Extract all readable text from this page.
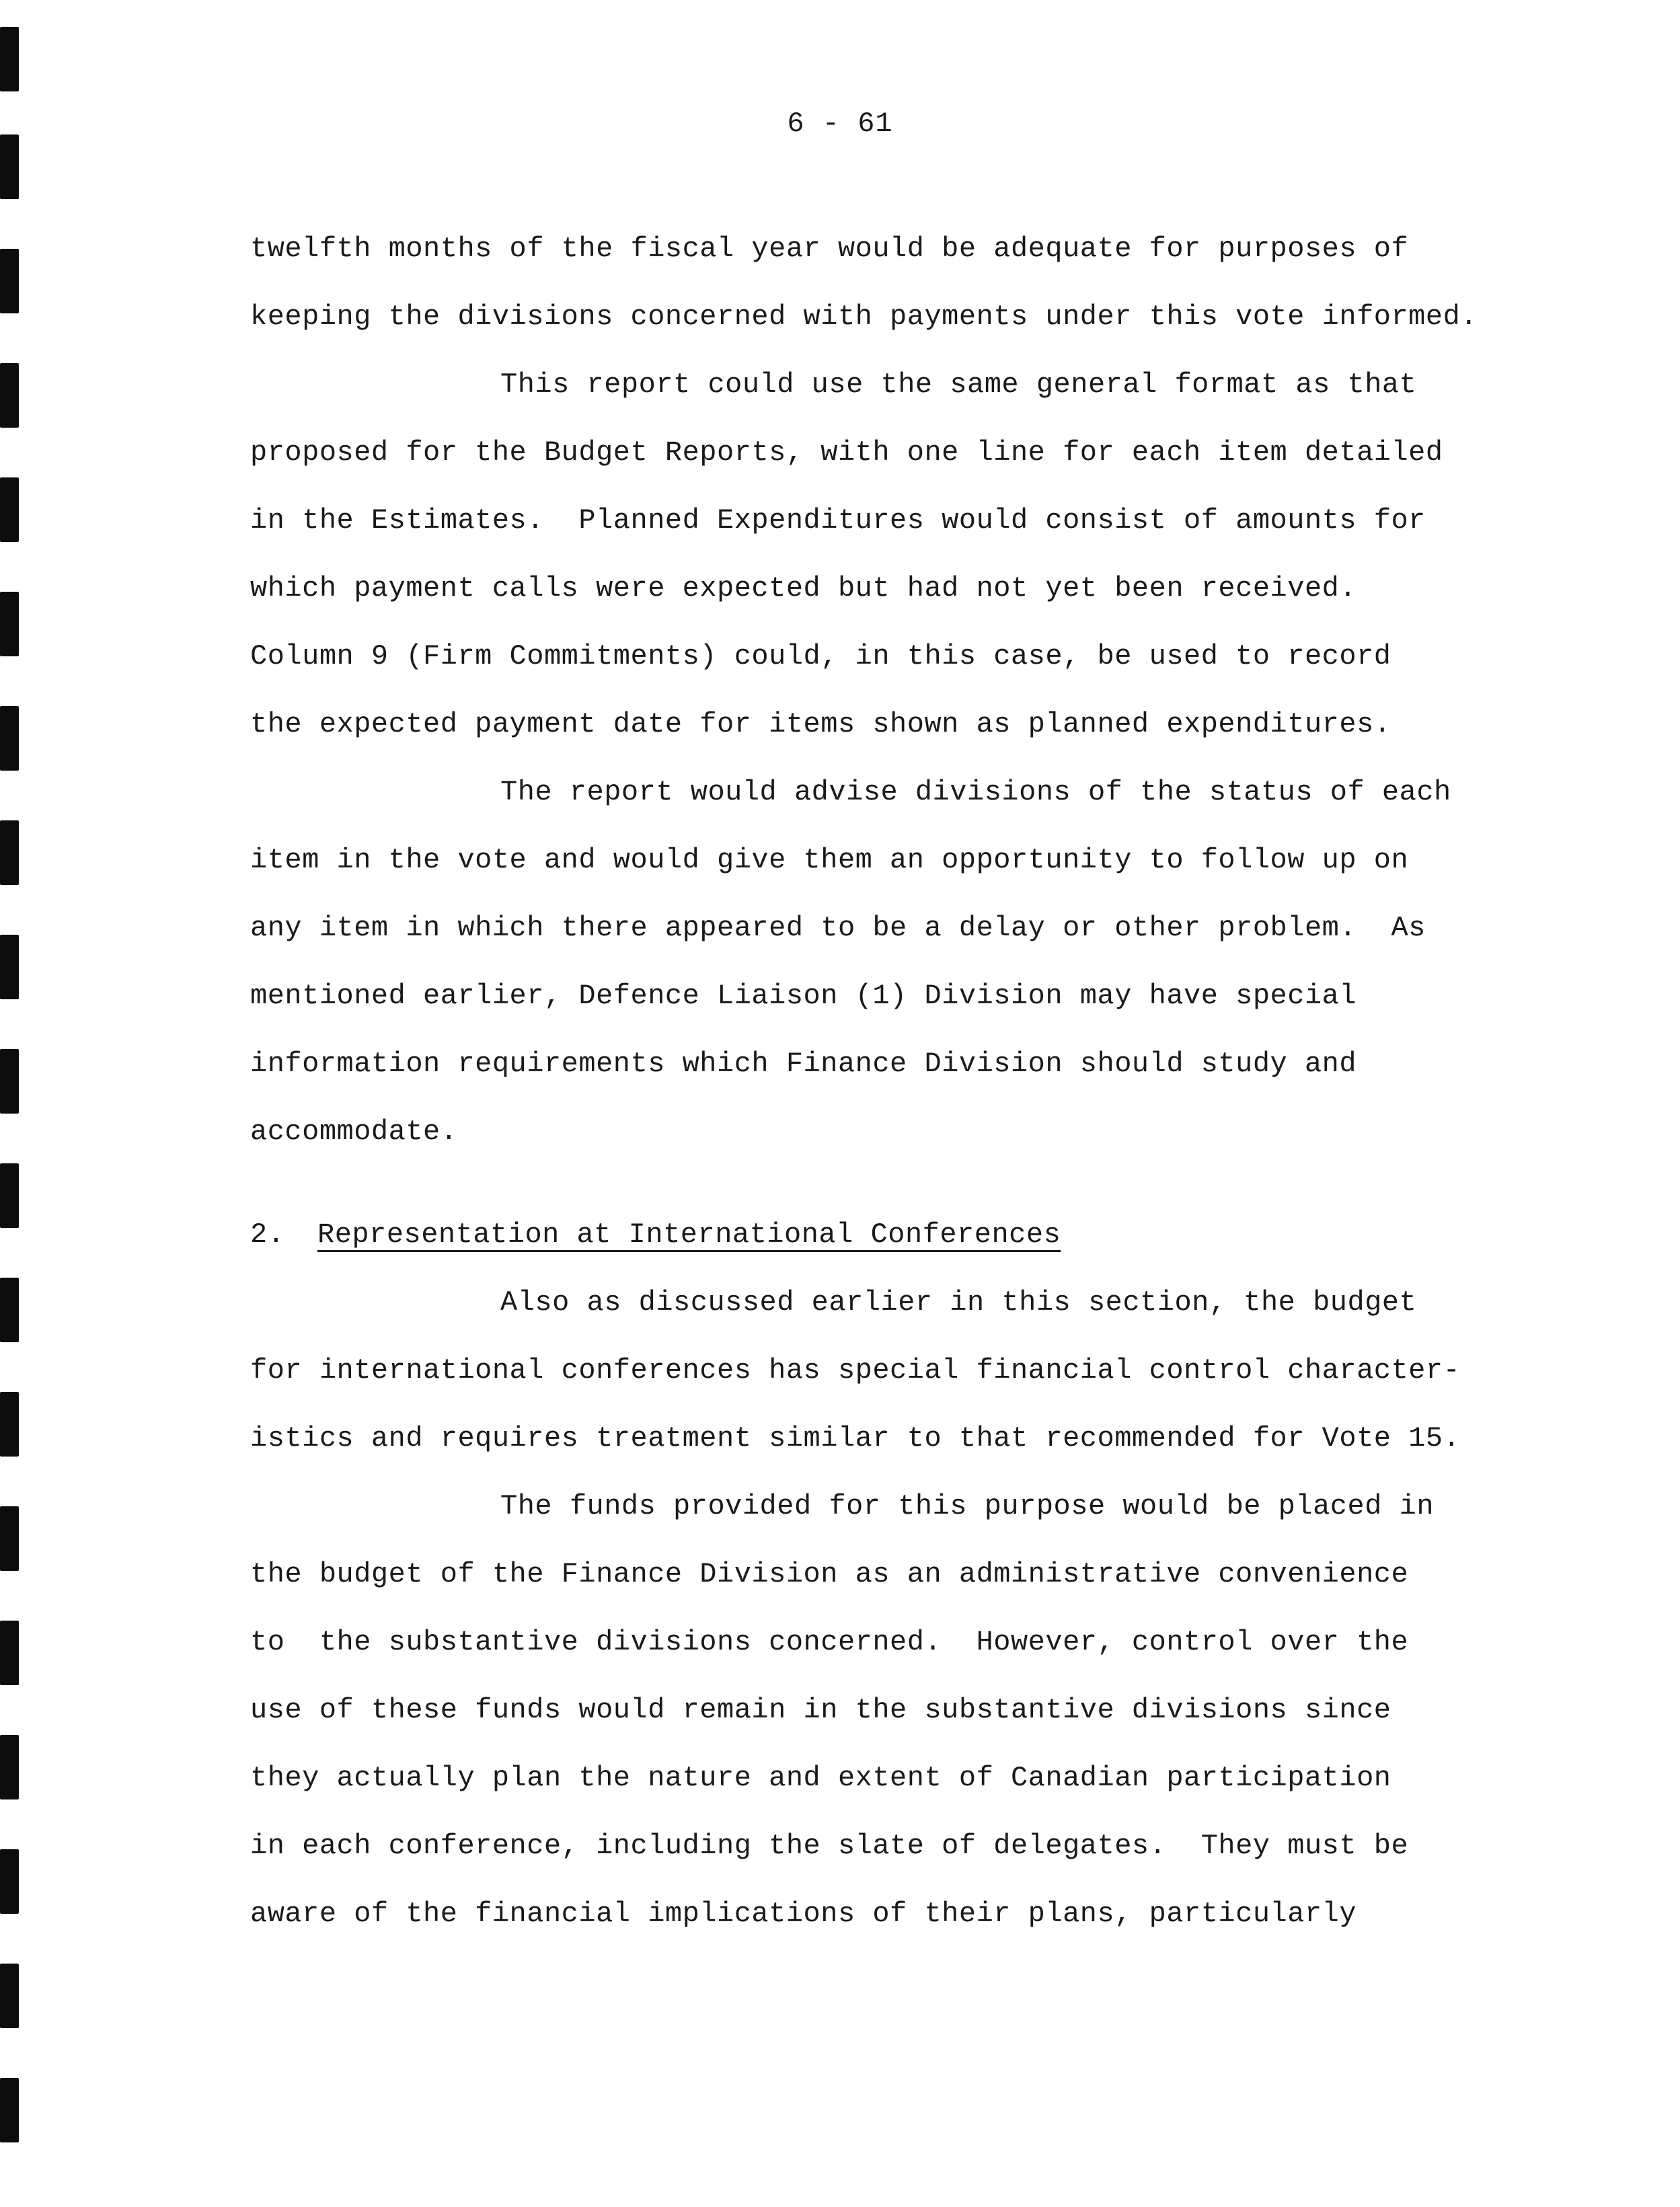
6 - 61
twelfth months of the fiscal year would be adequate for purposes of
keeping the divisions concerned with payments under this vote informed.
This report could use the same general format as that
proposed for the Budget Reports, with one line for each item detailed
in the Estimates.  Planned Expenditures would consist of amounts for
which payment calls were expected but had not yet been received.
Column 9 (Firm Commitments) could, in this case, be used to record
the expected payment date for items shown as planned expenditures.
The report would advise divisions of the status of each
item in the vote and would give them an opportunity to follow up on
any item in which there appeared to be a delay or other problem.  As
mentioned earlier, Defence Liaison (1) Division may have special
information requirements which Finance Division should study and
accommodate.
2. Representation at International Conferences
Also as discussed earlier in this section, the budget
for international conferences has special financial control character-
istics and requires treatment similar to that recommended for Vote 15.
The funds provided for this purpose would be placed in
the budget of the Finance Division as an administrative convenience
to  the substantive divisions concerned.  However, control over the
use of these funds would remain in the substantive divisions since
they actually plan the nature and extent of Canadian participation
in each conference, including the slate of delegates.  They must be
aware of the financial implications of their plans, particularly
